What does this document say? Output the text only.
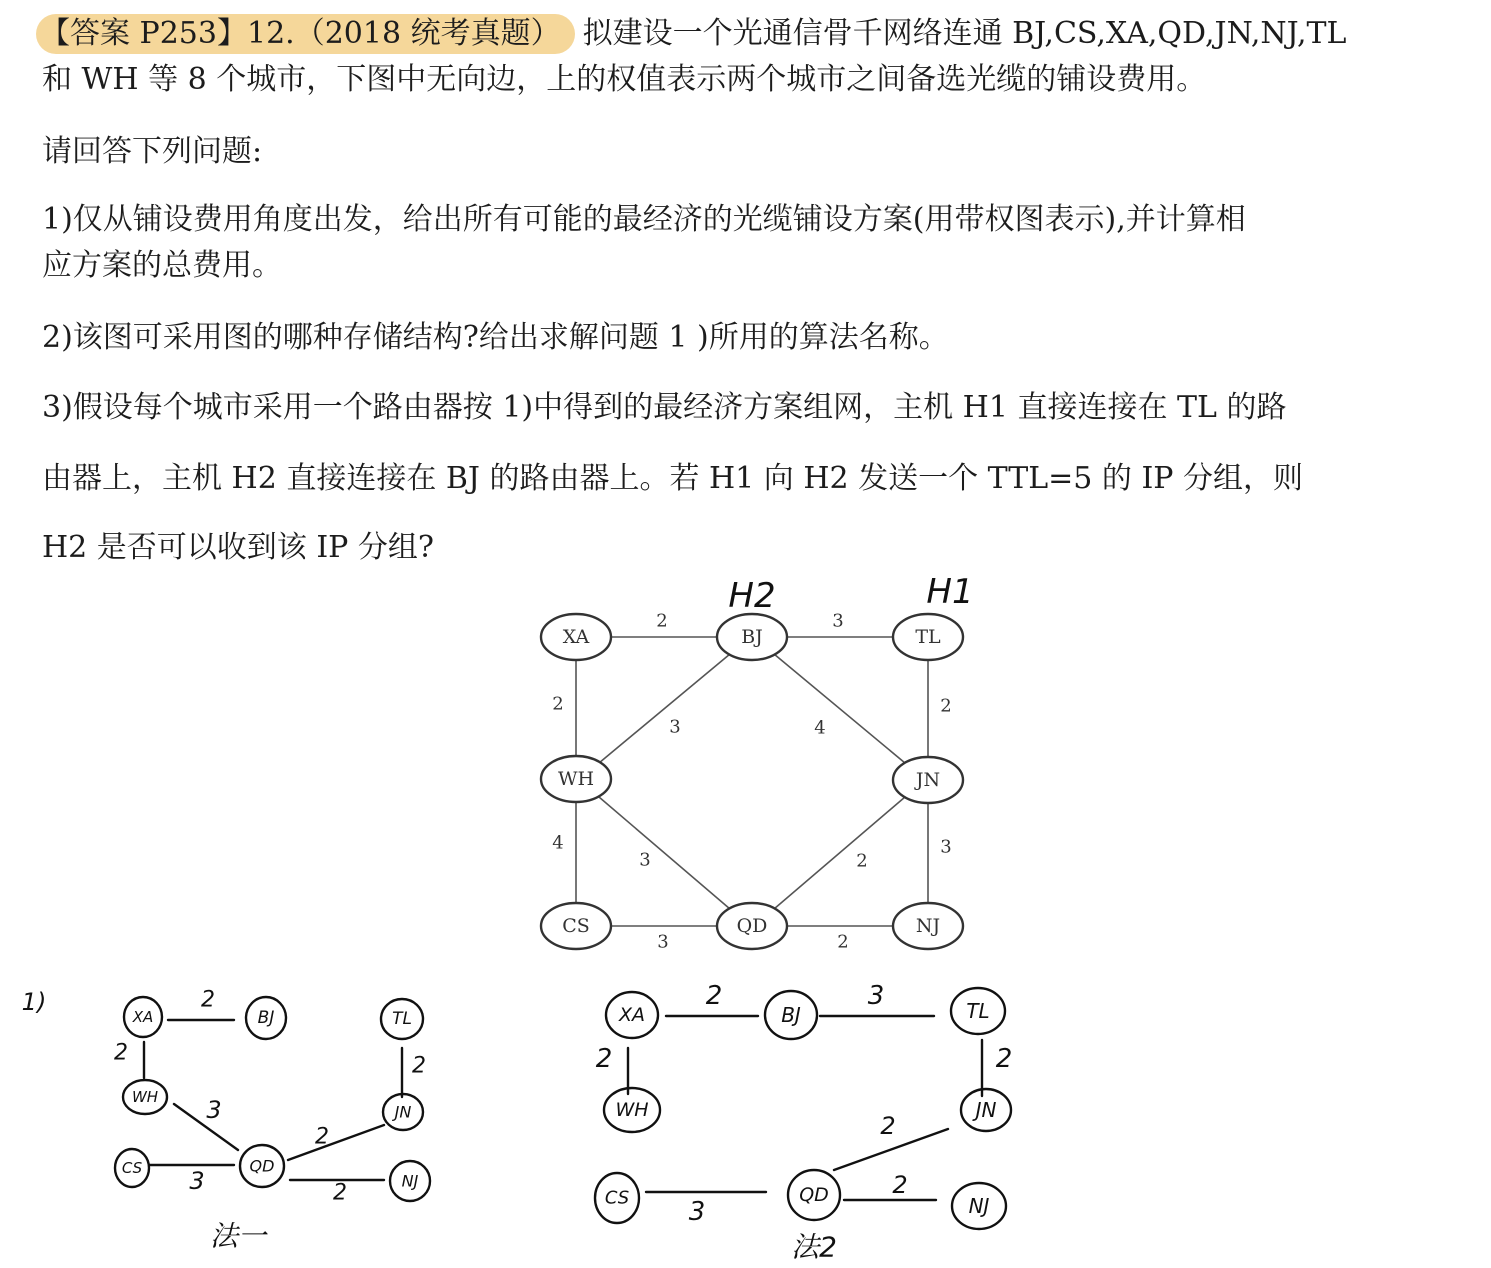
【答案 P253】12.（2018 统考真题） 拟建设一个光通信骨千网络连通 BJ,CS,XA,QD,JN,NJ,TL
和 WH 等 8 个城市，下图中无向边，上的权值表示两个城市之间备选光缆的铺设费用。
请回答下列问题:
1)仅从铺设费用角度出发，给出所有可能的最经济的光缆铺设方案(用带权图表示),并计算相
应方案的总费用。
2)该图可采用图的哪种存储结构?给出求解问题 1 )所用的算法名称。
3)假设每个城市采用一个路由器按 1)中得到的最经济方案组网，主机 H1 直接连接在 TL 的路
由器上，主机 H2 直接连接在 BJ 的路由器上。若 H1 向 H2 发送一个 TTL=5 的 IP 分组，则
H2 是否可以收到该 IP 分组?
2	3
2
3	4
2
4
3	2
3
3	2
XA	BJ	TL
WH	JN
CS	QD	NJ
H2	H1
1)
XA	BJ	TL
WH
JN
CS	QD
NJ
2
2
2
3
2
3	2
法一
XA	BJ	TL
WH	JN
CS	QD	NJ
2	3
2
2
2
3
2
法2
